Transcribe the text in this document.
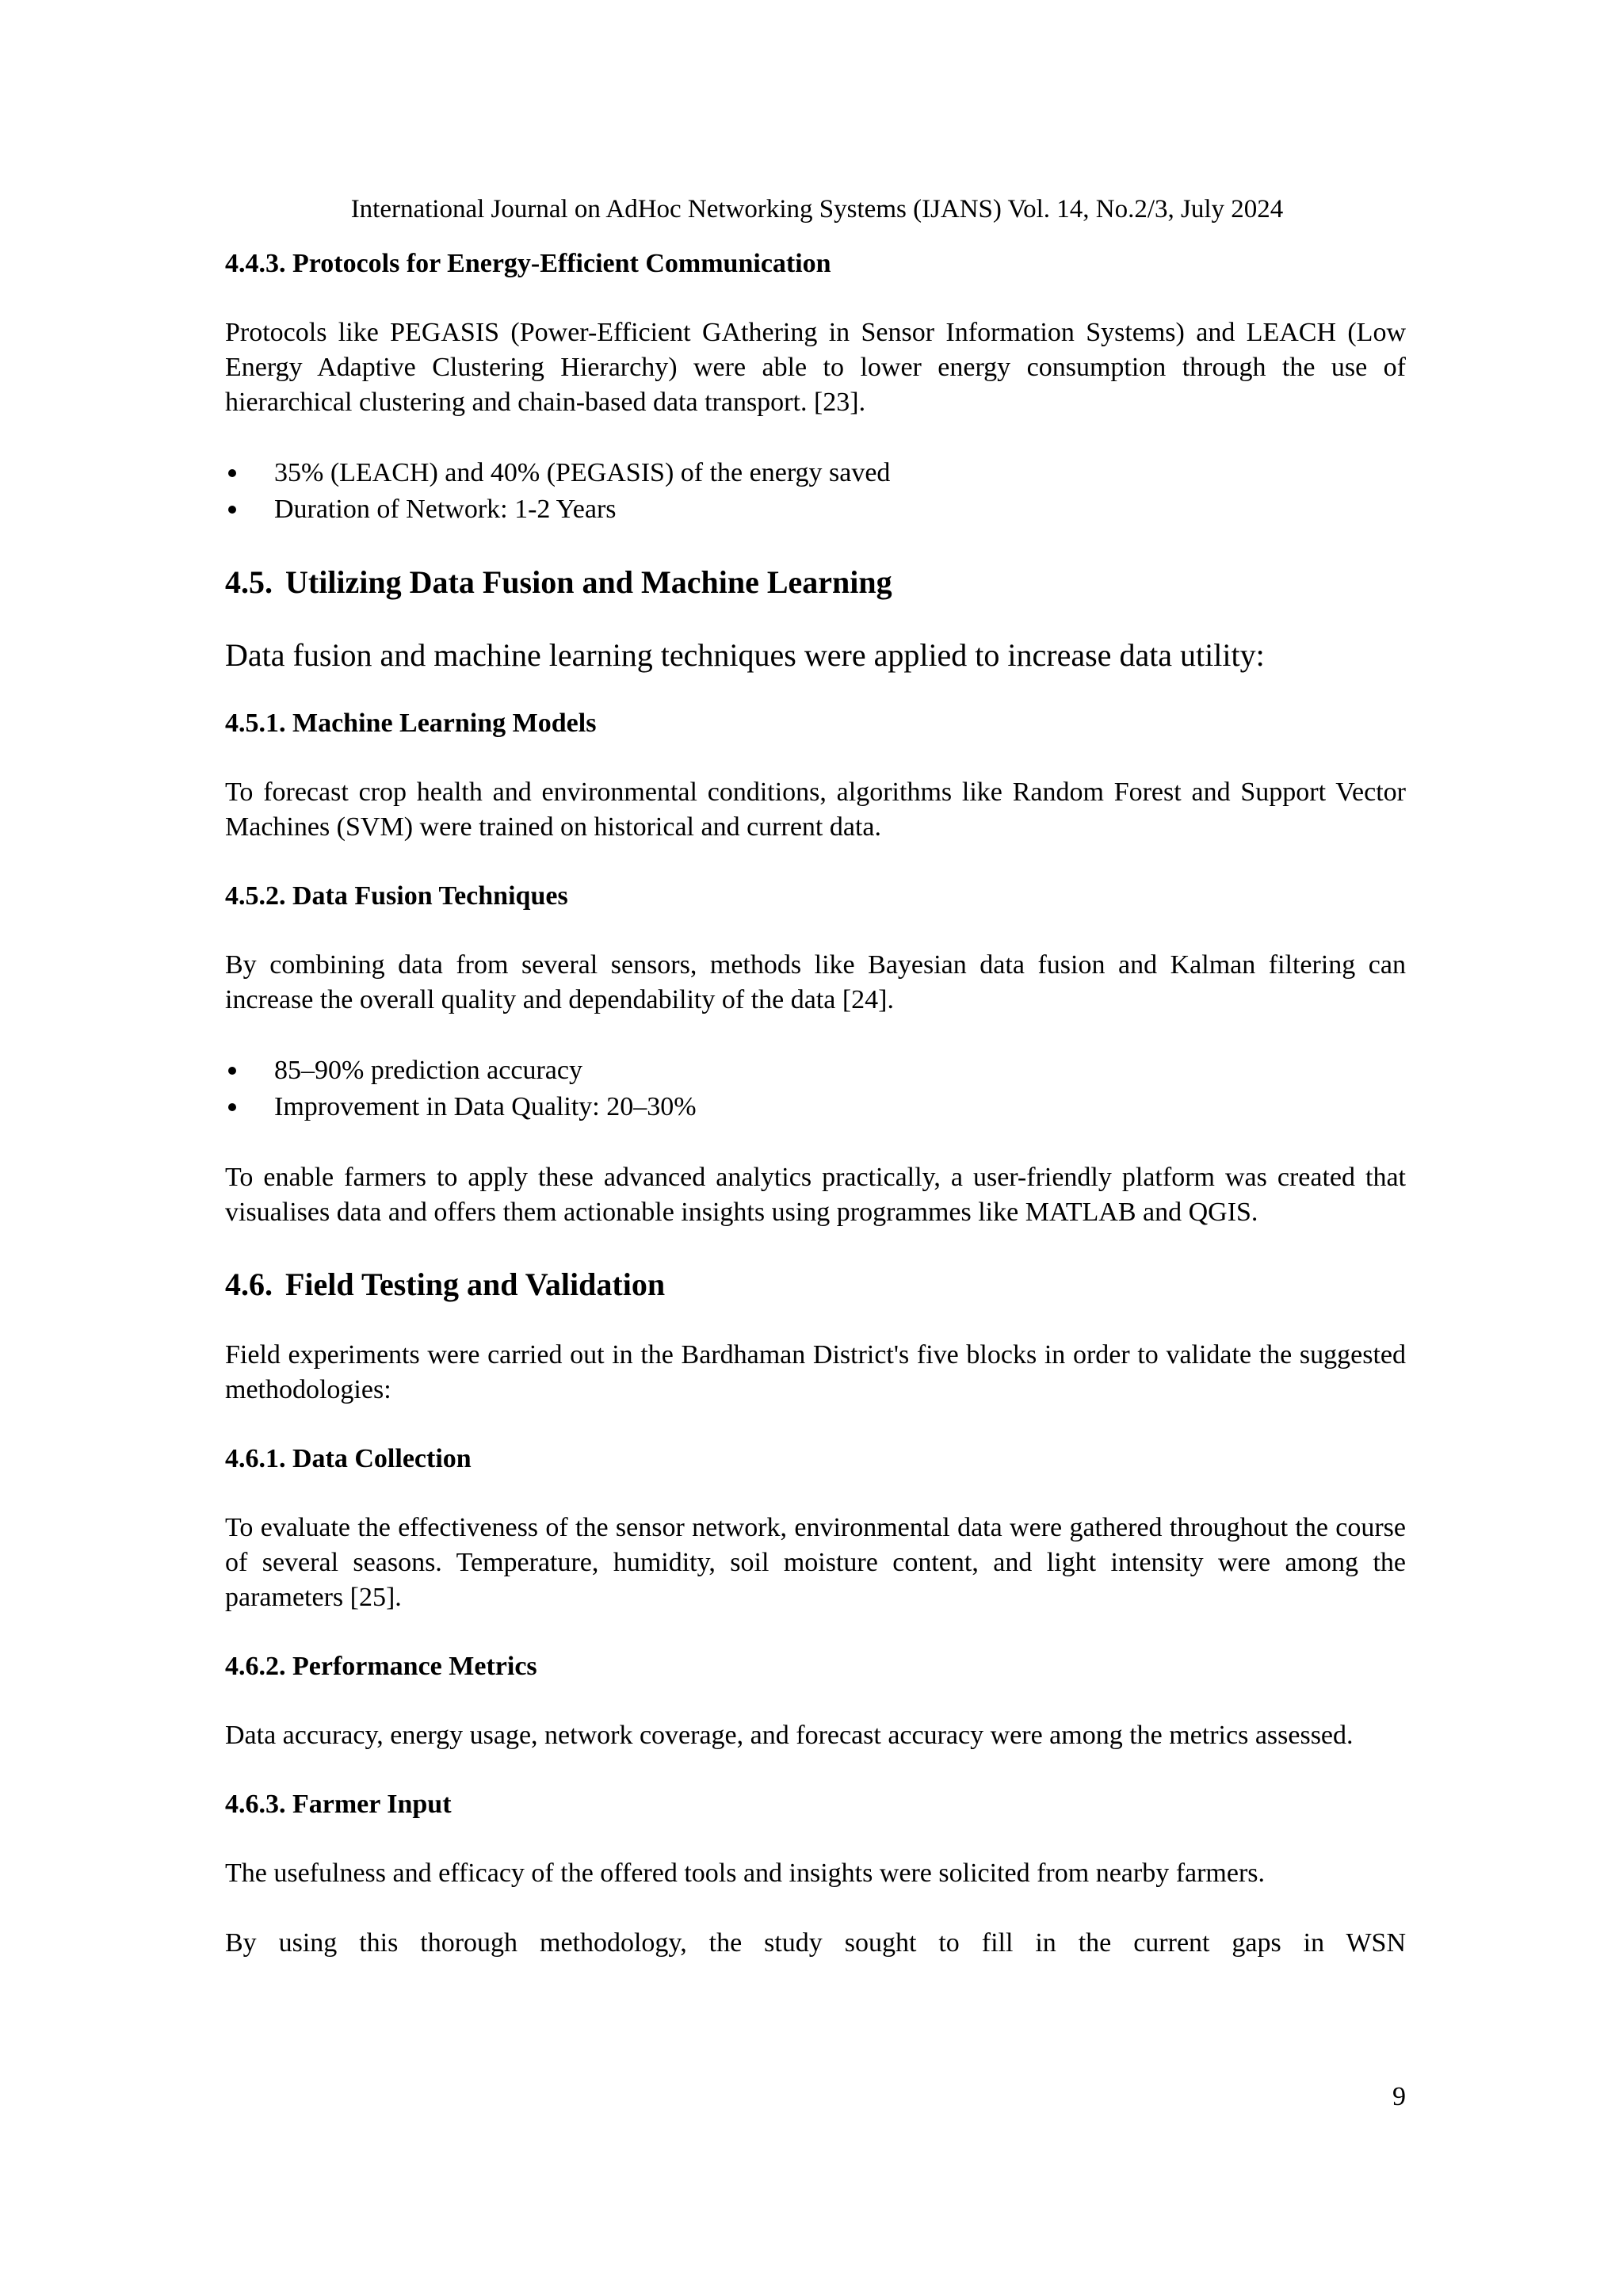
International Journal on AdHoc Networking Systems (IJANS) Vol. 14, No.2/3, July 2024
4.4.3. Protocols for Energy-Efficient Communication

Protocols like PEGASIS (Power-Efficient GAthering in Sensor Information Systems) and LEACH (Low Energy Adaptive Clustering Hierarchy) were able to lower energy consumption through the use of hierarchical clustering and chain-based data transport. [23].

35% (LEACH) and 40% (PEGASIS) of the energy saved
Duration of Network: 1-2 Years
4.5. Utilizing Data Fusion and Machine Learning

Data fusion and machine learning techniques were applied to increase data utility:

4.5.1. Machine Learning Models

To forecast crop health and environmental conditions, algorithms like Random Forest and Support Vector Machines (SVM) were trained on historical and current data.

4.5.2. Data Fusion Techniques

By combining data from several sensors, methods like Bayesian data fusion and Kalman filtering can increase the overall quality and dependability of the data [24].

85–90% prediction accuracy
Improvement in Data Quality: 20–30%

To enable farmers to apply these advanced analytics practically, a user-friendly platform was created that visualises data and offers them actionable insights using programmes like MATLAB and QGIS.

4.6. Field Testing and Validation

Field experiments were carried out in the Bardhaman District's five blocks in order to validate the suggested methodologies:

4.6.1. Data Collection

To evaluate the effectiveness of the sensor network, environmental data were gathered throughout the course of several seasons. Temperature, humidity, soil moisture content, and light intensity were among the parameters [25].

4.6.2. Performance Metrics

Data accuracy, energy usage, network coverage, and forecast accuracy were among the metrics assessed.

4.6.3. Farmer Input

The usefulness and efficacy of the offered tools and insights were solicited from nearby farmers.

By using this thorough methodology, the study sought to fill in the current gaps in WSN

9
